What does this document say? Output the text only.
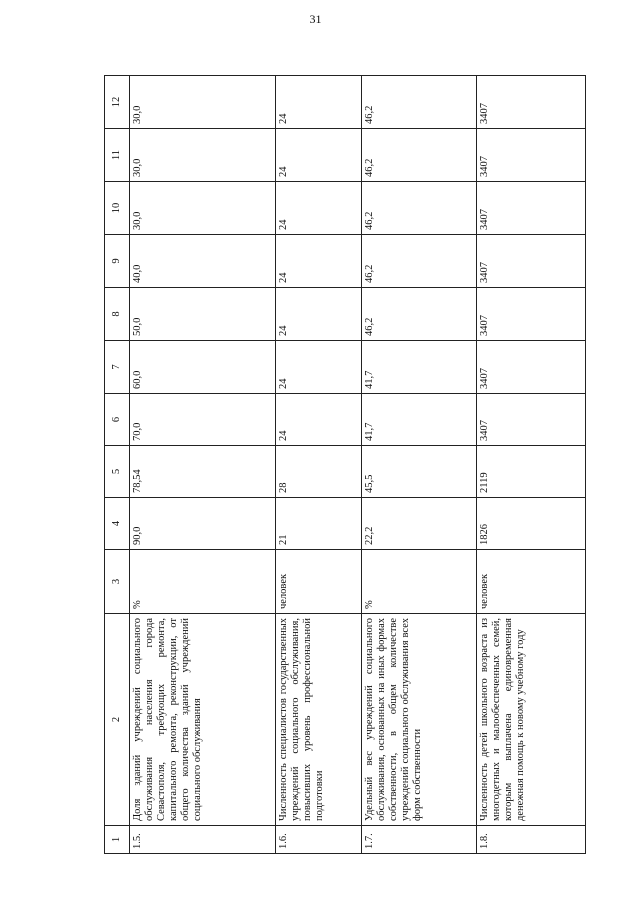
31
1	2	3	4	5	6	7	8	9	10	11	12
1.5.	Доля зданий учреждений социального обслуживания населения города Севастополя, требующих ремонта, капитального ремонта, реконструкции, от общего количества зданий учреждений социального обслуживания	%	90,0	78,54	70,0	60,0	50,0	40,0	30,0	30,0	30,0
1.6.	Численность специалистов государственных учреждений социального обслуживания, повысивших уровень профессиональной подготовки	человек	21	28	24	24	24	24	24	24	24
1.7.	Удельный вес учреждений социального обслуживания, основанных на иных формах собственности, в общем количестве учреждений социального обслуживания всех форм собственности	%	22,2	45,5	41,7	41,7	46,2	46,2	46,2	46,2	46,2
1.8.	Численность детей школьного возраста из многодетных и малообеспеченных семей, которым выплачена единовременная денежная помощь к новому учебному году	человек	1826	2119	3407	3407	3407	3407	3407	3407	3407
